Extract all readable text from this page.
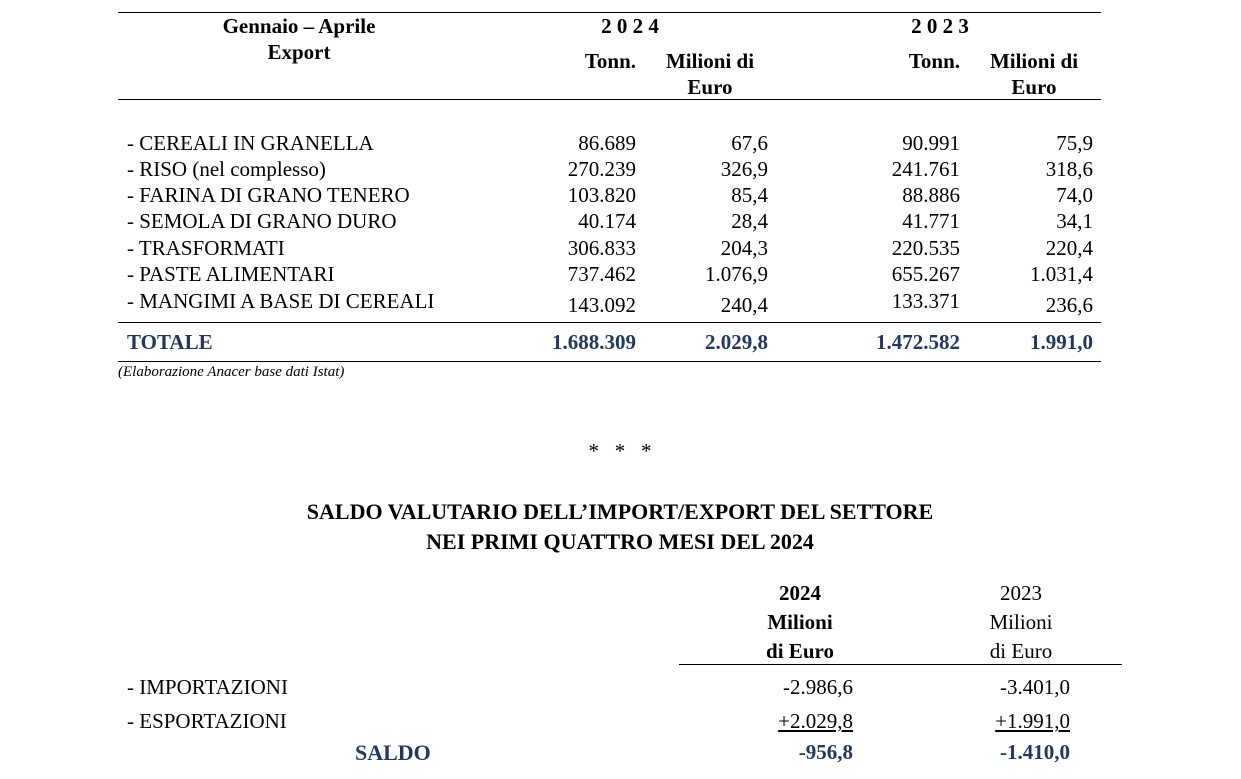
Gennaio – Aprile
Export
2 0 2 4	2 0 2 3
Tonn.	Milioni di
Euro
Tonn.	Milioni di
Euro
- CEREALI IN GRANELLA	86.689	67,6	90.991	75,9
- RISO (nel complesso)	270.239	326,9	241.761	318,6
- FARINA DI GRANO TENERO	103.820	85,4	88.886	74,0
- SEMOLA DI GRANO DURO	40.174	28,4	41.771	34,1
- TRASFORMATI	306.833	204,3	220.535	220,4
- PASTE ALIMENTARI	737.462	1.076,9	655.267	1.031,4
- MANGIMI A BASE DI CEREALI	143.092	240,4	133.371	236,6
TOTALE	1.688.309	2.029,8	1.472.582	1.991,0
(Elaborazione Anacer base dati Istat)
*   *   *
SALDO VALUTARIO DELL’IMPORT/EXPORT DEL SETTORE
NEI PRIMI QUATTRO MESI DEL 2024
2024
Milioni
di Euro
2023
Milioni
di Euro
- IMPORTAZIONI	-2.986,6	-3.401,0
- ESPORTAZIONI	+2.029,8	+1.991,0
SALDO	-956,8	-1.410,0
